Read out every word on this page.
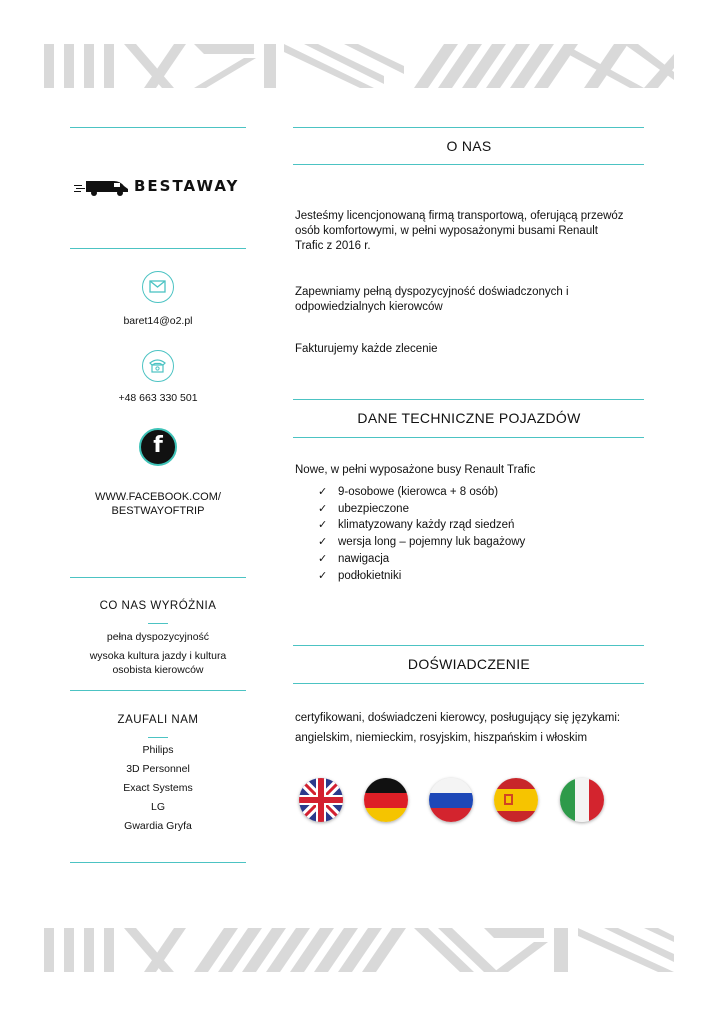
BESTAWAY
baret14@o2.pl
+48 663 330 501
f
WWW.FACEBOOK.COM/
BESTWAYOFTRIP
CO NAS WYRÓŻNIA
pełna dyspozycyjność
wysoka kultura jazdy i kultura
osobista kierowców
ZAUFALI NAM
Philips
3D Personnel
Exact Systems
LG
Gwardia Gryfa
O NAS
Jesteśmy licencjonowaną firmą transportową, oferującą przewóz
osób komfortowymi, w pełni wyposażonymi busami Renault
Trafic z 2016 r.
Zapewniamy pełną dyspozycyjność doświadczonych i
odpowiedzialnych kierowców
Fakturujemy każde zlecenie
DANE TECHNICZNE POJAZDÓW
Nowe, w pełni wyposażone busy Renault Trafic
✓ 9-osobowe (kierowca + 8 osób)
✓ ubezpieczone
✓ klimatyzowany każdy rząd siedzeń
✓ wersja long – pojemny luk bagażowy
✓ nawigacja
✓ podłokietniki
DOŚWIADCZENIE
certyfikowani, doświadczeni kierowcy, posługujący się językami:
angielskim, niemieckim, rosyjskim, hiszpańskim i włoskim
